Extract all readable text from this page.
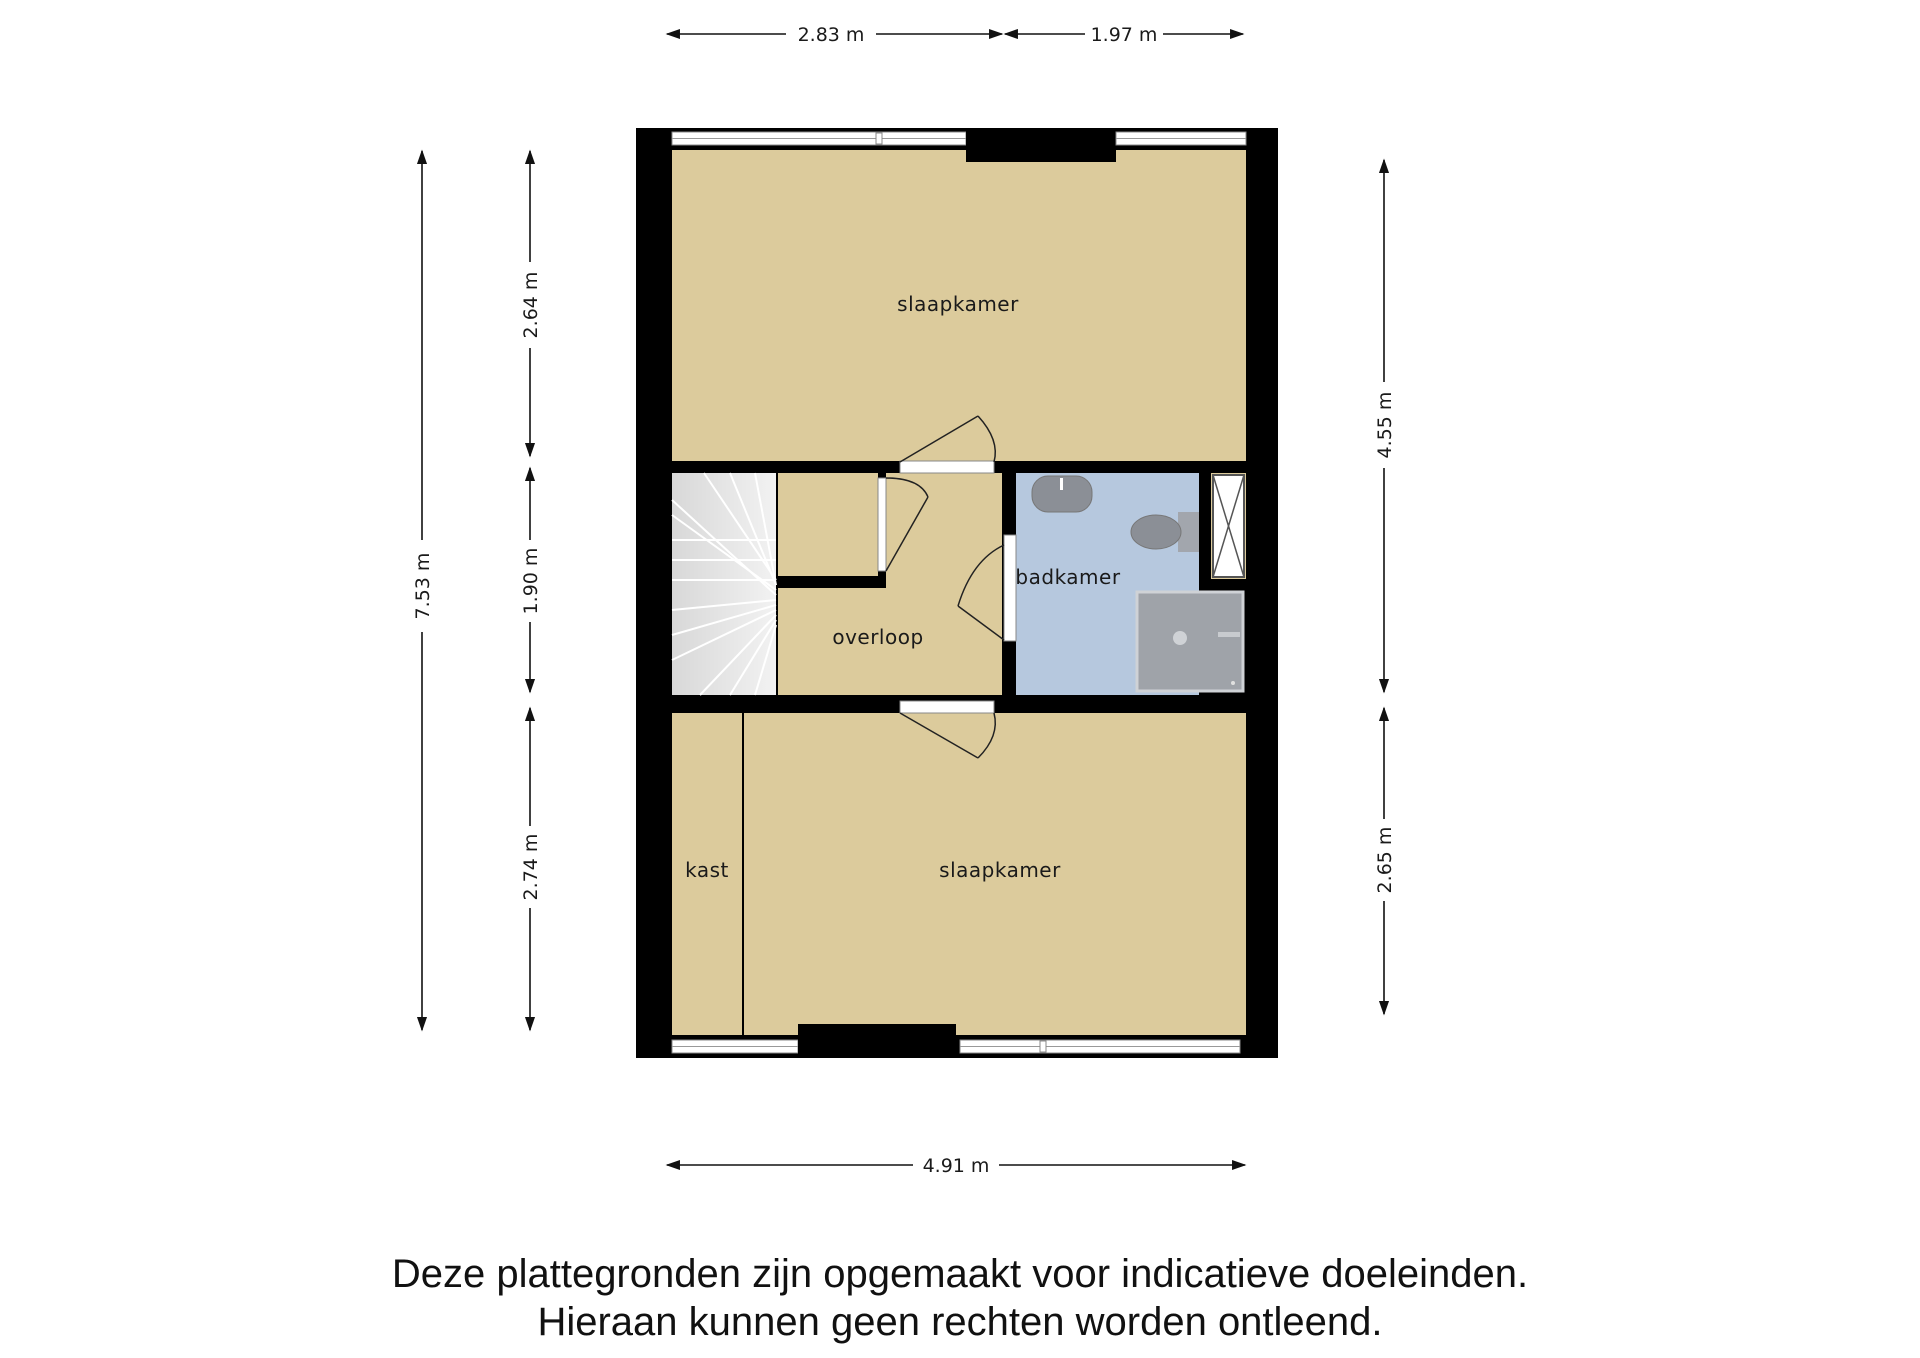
slaapkamer
overloop
badkamer
kast	slaapkamer
2.83 m	1.97 m
4.91 m
7.53 m
2.64 m
1.90 m
2.74 m
4.55 m
2.65 m
Deze plattegronden zijn opgemaakt voor indicatieve doeleinden.
Hieraan kunnen geen rechten worden ontleend.
